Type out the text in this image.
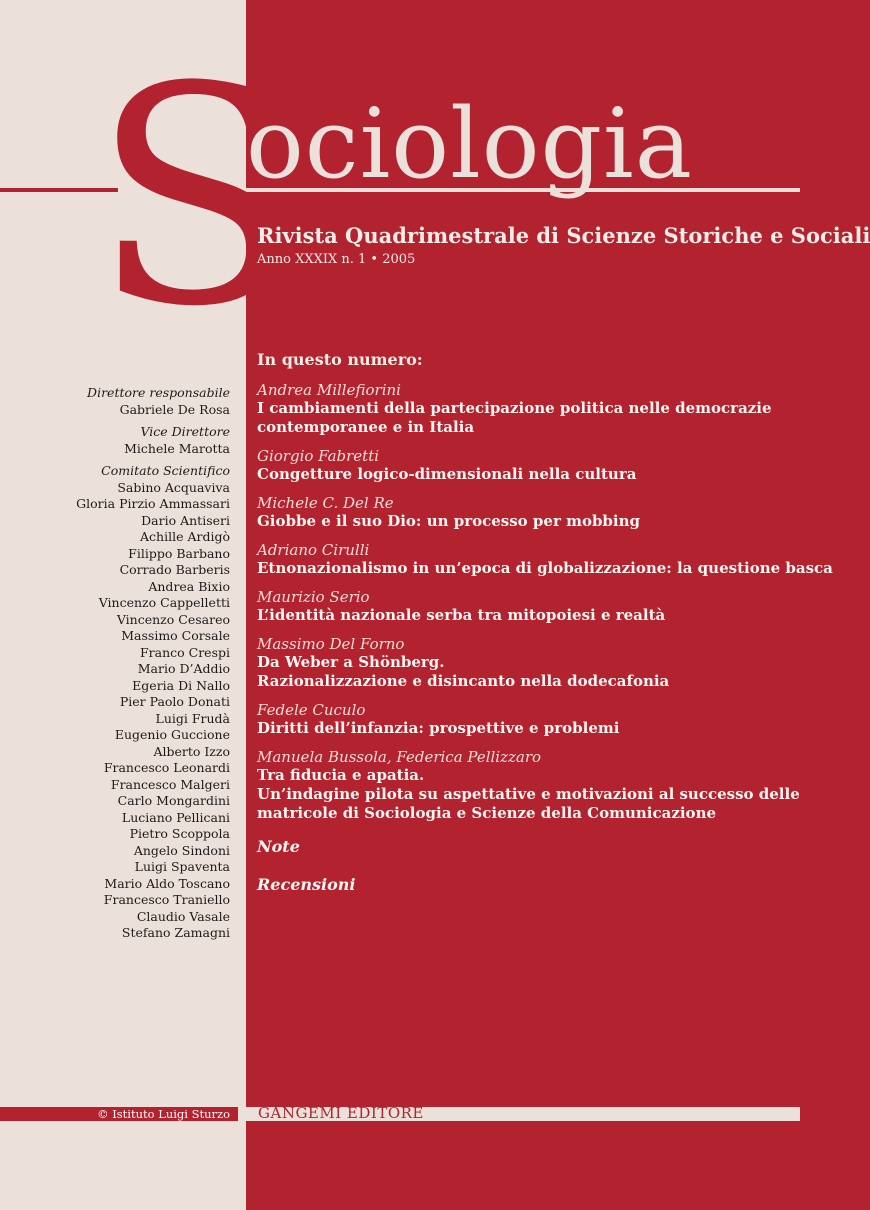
S
ociologia
Rivista Quadrimestrale di Scienze Storiche e Sociali
Anno XXXIX n. 1 • 2005
In questo numero:
Andrea Millefiorini
I cambiamenti della partecipazione politica nelle democrazie
contemporanee e in Italia
Giorgio Fabretti
Congetture logico-dimensionali nella cultura
Michele C. Del Re
Giobbe e il suo Dio: un processo per mobbing
Adriano Cirulli
Etnonazionalismo in un’epoca di globalizzazione: la questione basca
Maurizio Serio
L’identità nazionale serba tra mitopoiesi e realtà
Massimo Del Forno
Da Weber a Shönberg.
Razionalizzazione e disincanto nella dodecafonia
Fedele Cuculo
Diritti dell’infanzia: prospettive e problemi
Manuela Bussola, Federica Pellizzaro
Tra fiducia e apatia.
Un’indagine pilota su aspettative e motivazioni al successo delle
matricole di Sociologia e Scienze della Comunicazione
Note
Recensioni
Direttore responsabile
Gabriele De Rosa
Vice Direttore
Michele Marotta
Comitato Scientifico
Sabino Acquaviva
Gloria Pirzio Ammassari
Dario Antiseri
Achille Ardigò
Filippo Barbano
Corrado Barberis
Andrea Bixio
Vincenzo Cappelletti
Vincenzo Cesareo
Massimo Corsale
Franco Crespi
Mario D’Addio
Egeria Di Nallo
Pier Paolo Donati
Luigi Frudà
Eugenio Guccione
Alberto Izzo
Francesco Leonardi
Francesco Malgeri
Carlo Mongardini
Luciano Pellicani
Pietro Scoppola
Angelo Sindoni
Luigi Spaventa
Mario Aldo Toscano
Francesco Traniello
Claudio Vasale
Stefano Zamagni
© Istituto Luigi Sturzo	GANGEMI EDITORE
